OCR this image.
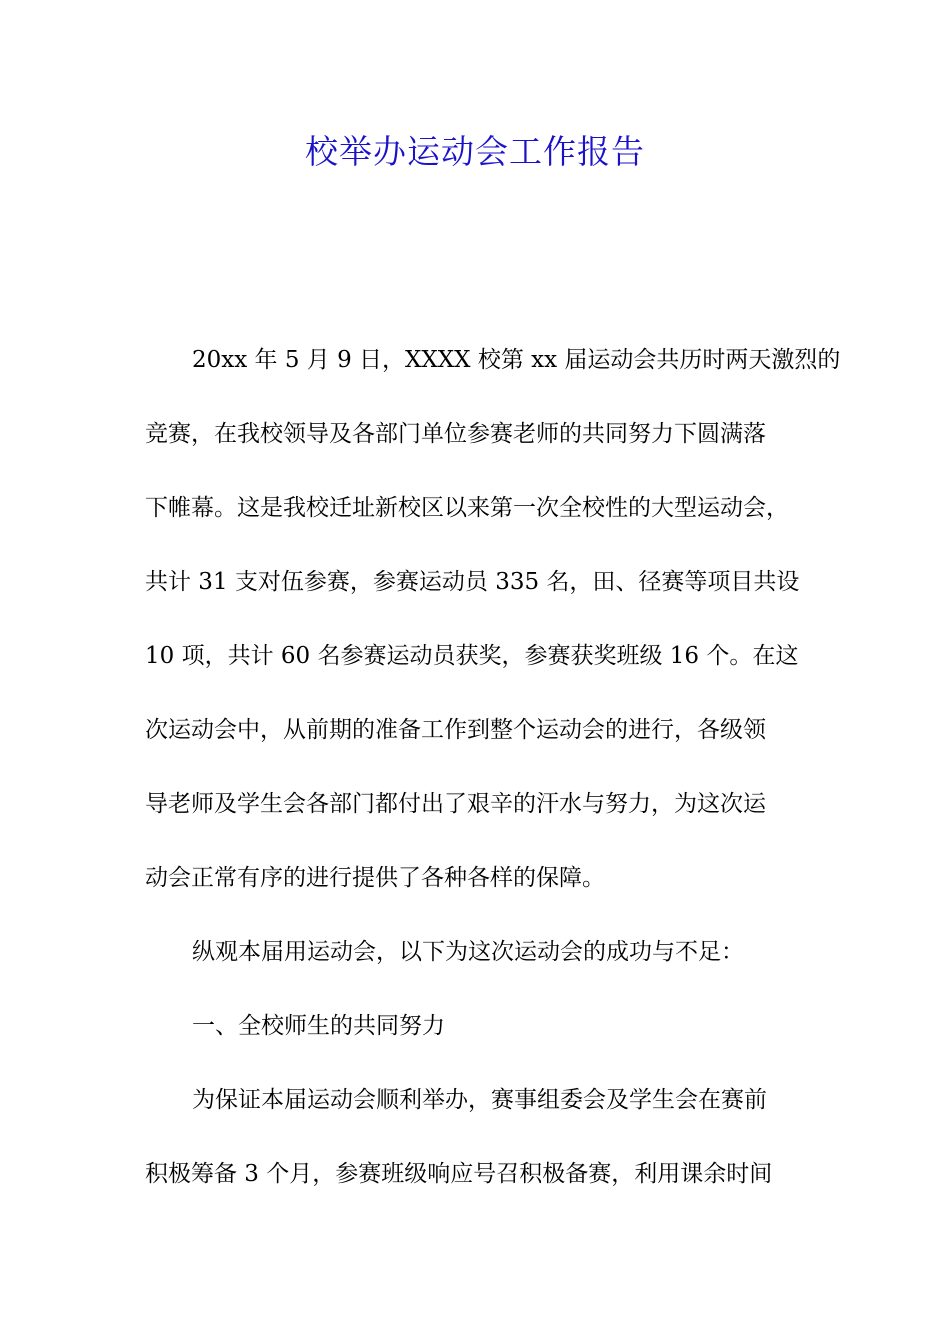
校举办运动会工作报告

20xx 年 5 月 9 日，XXXX 校第 xx 届运动会共历时两天激烈的

竞赛，在我校领导及各部门单位参赛老师的共同努力下圆满落

下帷幕。这是我校迁址新校区以来第一次全校性的大型运动会，

共计 31 支对伍参赛，参赛运动员 335 名，田、径赛等项目共设

10 项，共计 60 名参赛运动员获奖，参赛获奖班级 16 个。在这

次运动会中，从前期的准备工作到整个运动会的进行，各级领

导老师及学生会各部门都付出了艰辛的汗水与努力，为这次运

动会正常有序的进行提供了各种各样的保障。

纵观本届用运动会，以下为这次运动会的成功与不足：

一、全校师生的共同努力

为保证本届运动会顺利举办，赛事组委会及学生会在赛前

积极筹备 3 个月，参赛班级响应号召积极备赛，利用课余时间
